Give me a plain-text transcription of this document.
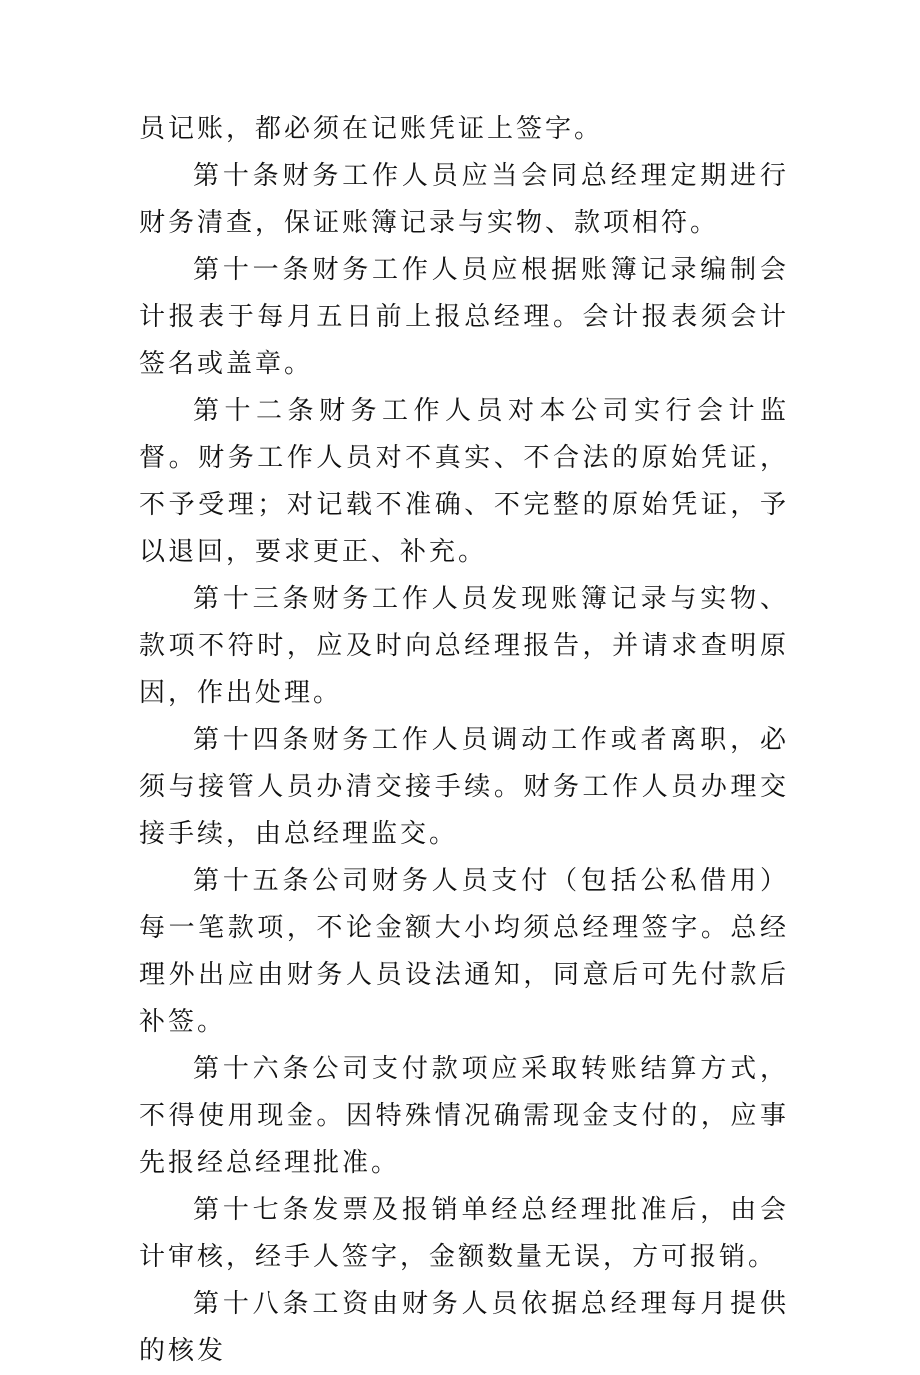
员记账，都必须在记账凭证上签字。

第十条财务工作人员应当会同总经理定期进行财务清查，保证账簿记录与实物、款项相符。

第十一条财务工作人员应根据账簿记录编制会计报表于每月五日前上报总经理。会计报表须会计签名或盖章。

第十二条财务工作人员对本公司实行会计监督。财务工作人员对不真实、不合法的原始凭证，不予受理；对记载不准确、不完整的原始凭证，予以退回，要求更正、补充。

第十三条财务工作人员发现账簿记录与实物、款项不符时，应及时向总经理报告，并请求查明原因，作出处理。

第十四条财务工作人员调动工作或者离职，必须与接管人员办清交接手续。财务工作人员办理交接手续，由总经理监交。

第十五条公司财务人员支付（包括公私借用）每一笔款项，不论金额大小均须总经理签字。总经理外出应由财务人员设法通知，同意后可先付款后补签。

第十六条公司支付款项应采取转账结算方式，不得使用现金。因特殊情况确需现金支付的，应事先报经总经理批准。

第十七条发票及报销单经总经理批准后，由会计审核，经手人签字，金额数量无误，方可报销。

第十八条工资由财务人员依据总经理每月提供的核发
